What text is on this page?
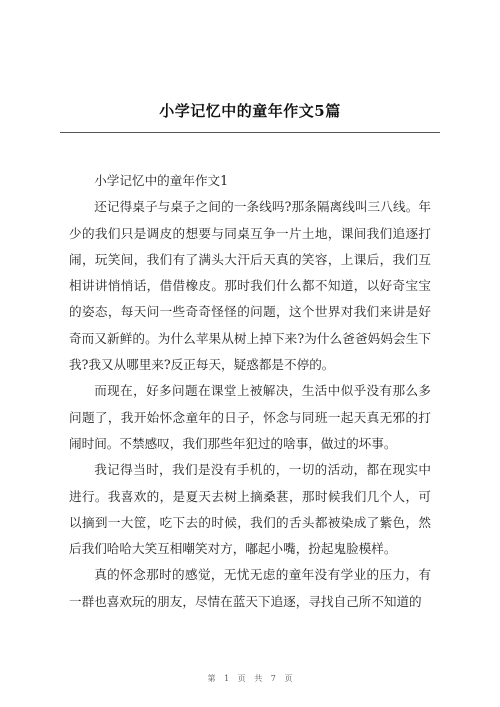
小学记忆中的童年作文5篇

小学记忆中的童年作文1

还记得桌子与桌子之间的一条线吗?那条隔离线叫三八线。年少的我们只是调皮的想要与同桌互争一片土地，课间我们追逐打闹，玩笑间，我们有了满头大汗后天真的笑容，上课后，我们互相讲讲悄悄话，借借橡皮。那时我们什么都不知道，以好奇宝宝的姿态，每天问一些奇奇怪怪的问题，这个世界对我们来讲是好奇而又新鲜的。为什么苹果从树上掉下来?为什么爸爸妈妈会生下我?我又从哪里来?反正每天，疑惑都是不停的。

而现在，好多问题在课堂上被解决，生活中似乎没有那么多问题了，我开始怀念童年的日子，怀念与同班一起天真无邪的打闹时间。不禁感叹，我们那些年犯过的啥事，做过的坏事。

我记得当时，我们是没有手机的，一切的活动，都在现实中进行。我喜欢的，是夏天去树上摘桑葚，那时候我们几个人，可以摘到一大筐，吃下去的时候，我们的舌头都被染成了紫色，然后我们哈哈大笑互相嘲笑对方，嘟起小嘴，扮起鬼脸模样。

真的怀念那时的感觉，无忧无虑的童年没有学业的压力，有一群也喜欢玩的朋友，尽情在蓝天下追逐，寻找自己所不知道的

第 1 页 共 7 页
